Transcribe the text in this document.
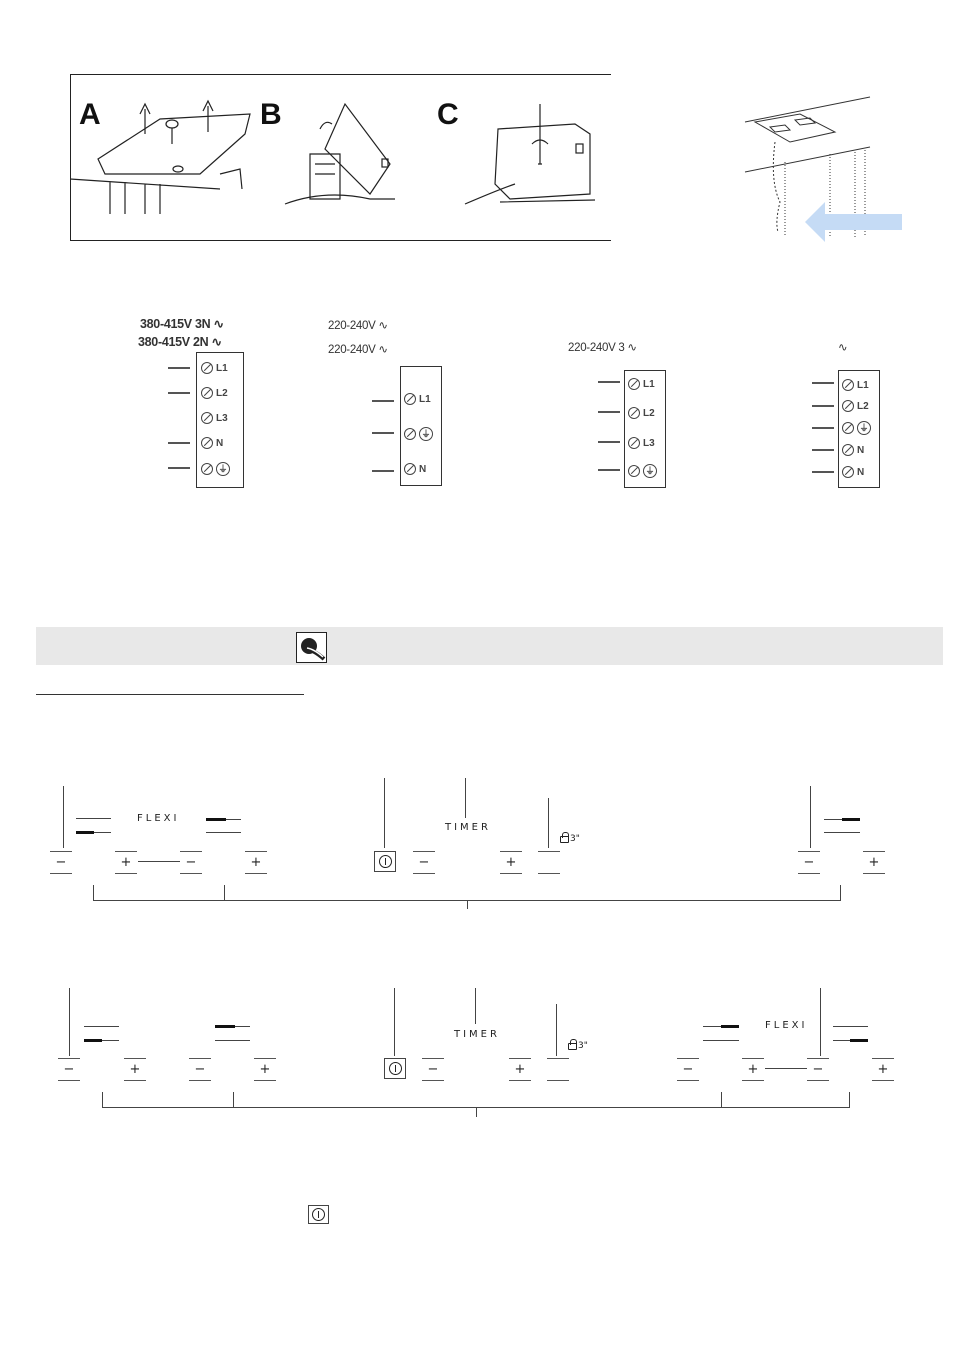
A	B	C
380-415V 3N ∿
380-415V 2N ∿
L1
L2
L3
N
⏚
220-240V ∿
220-240V ∿
L1
⏚
N
220-240V 3 ∿
L1
L2
L3
⏚
∿
L1
L2
⏚
N
N
FLEXI
TIMER
3"
−	+	−	+	−	+	−	+
TIMER
3"
FLEXI
−	+	−	+	−	+	−	+	−	+
